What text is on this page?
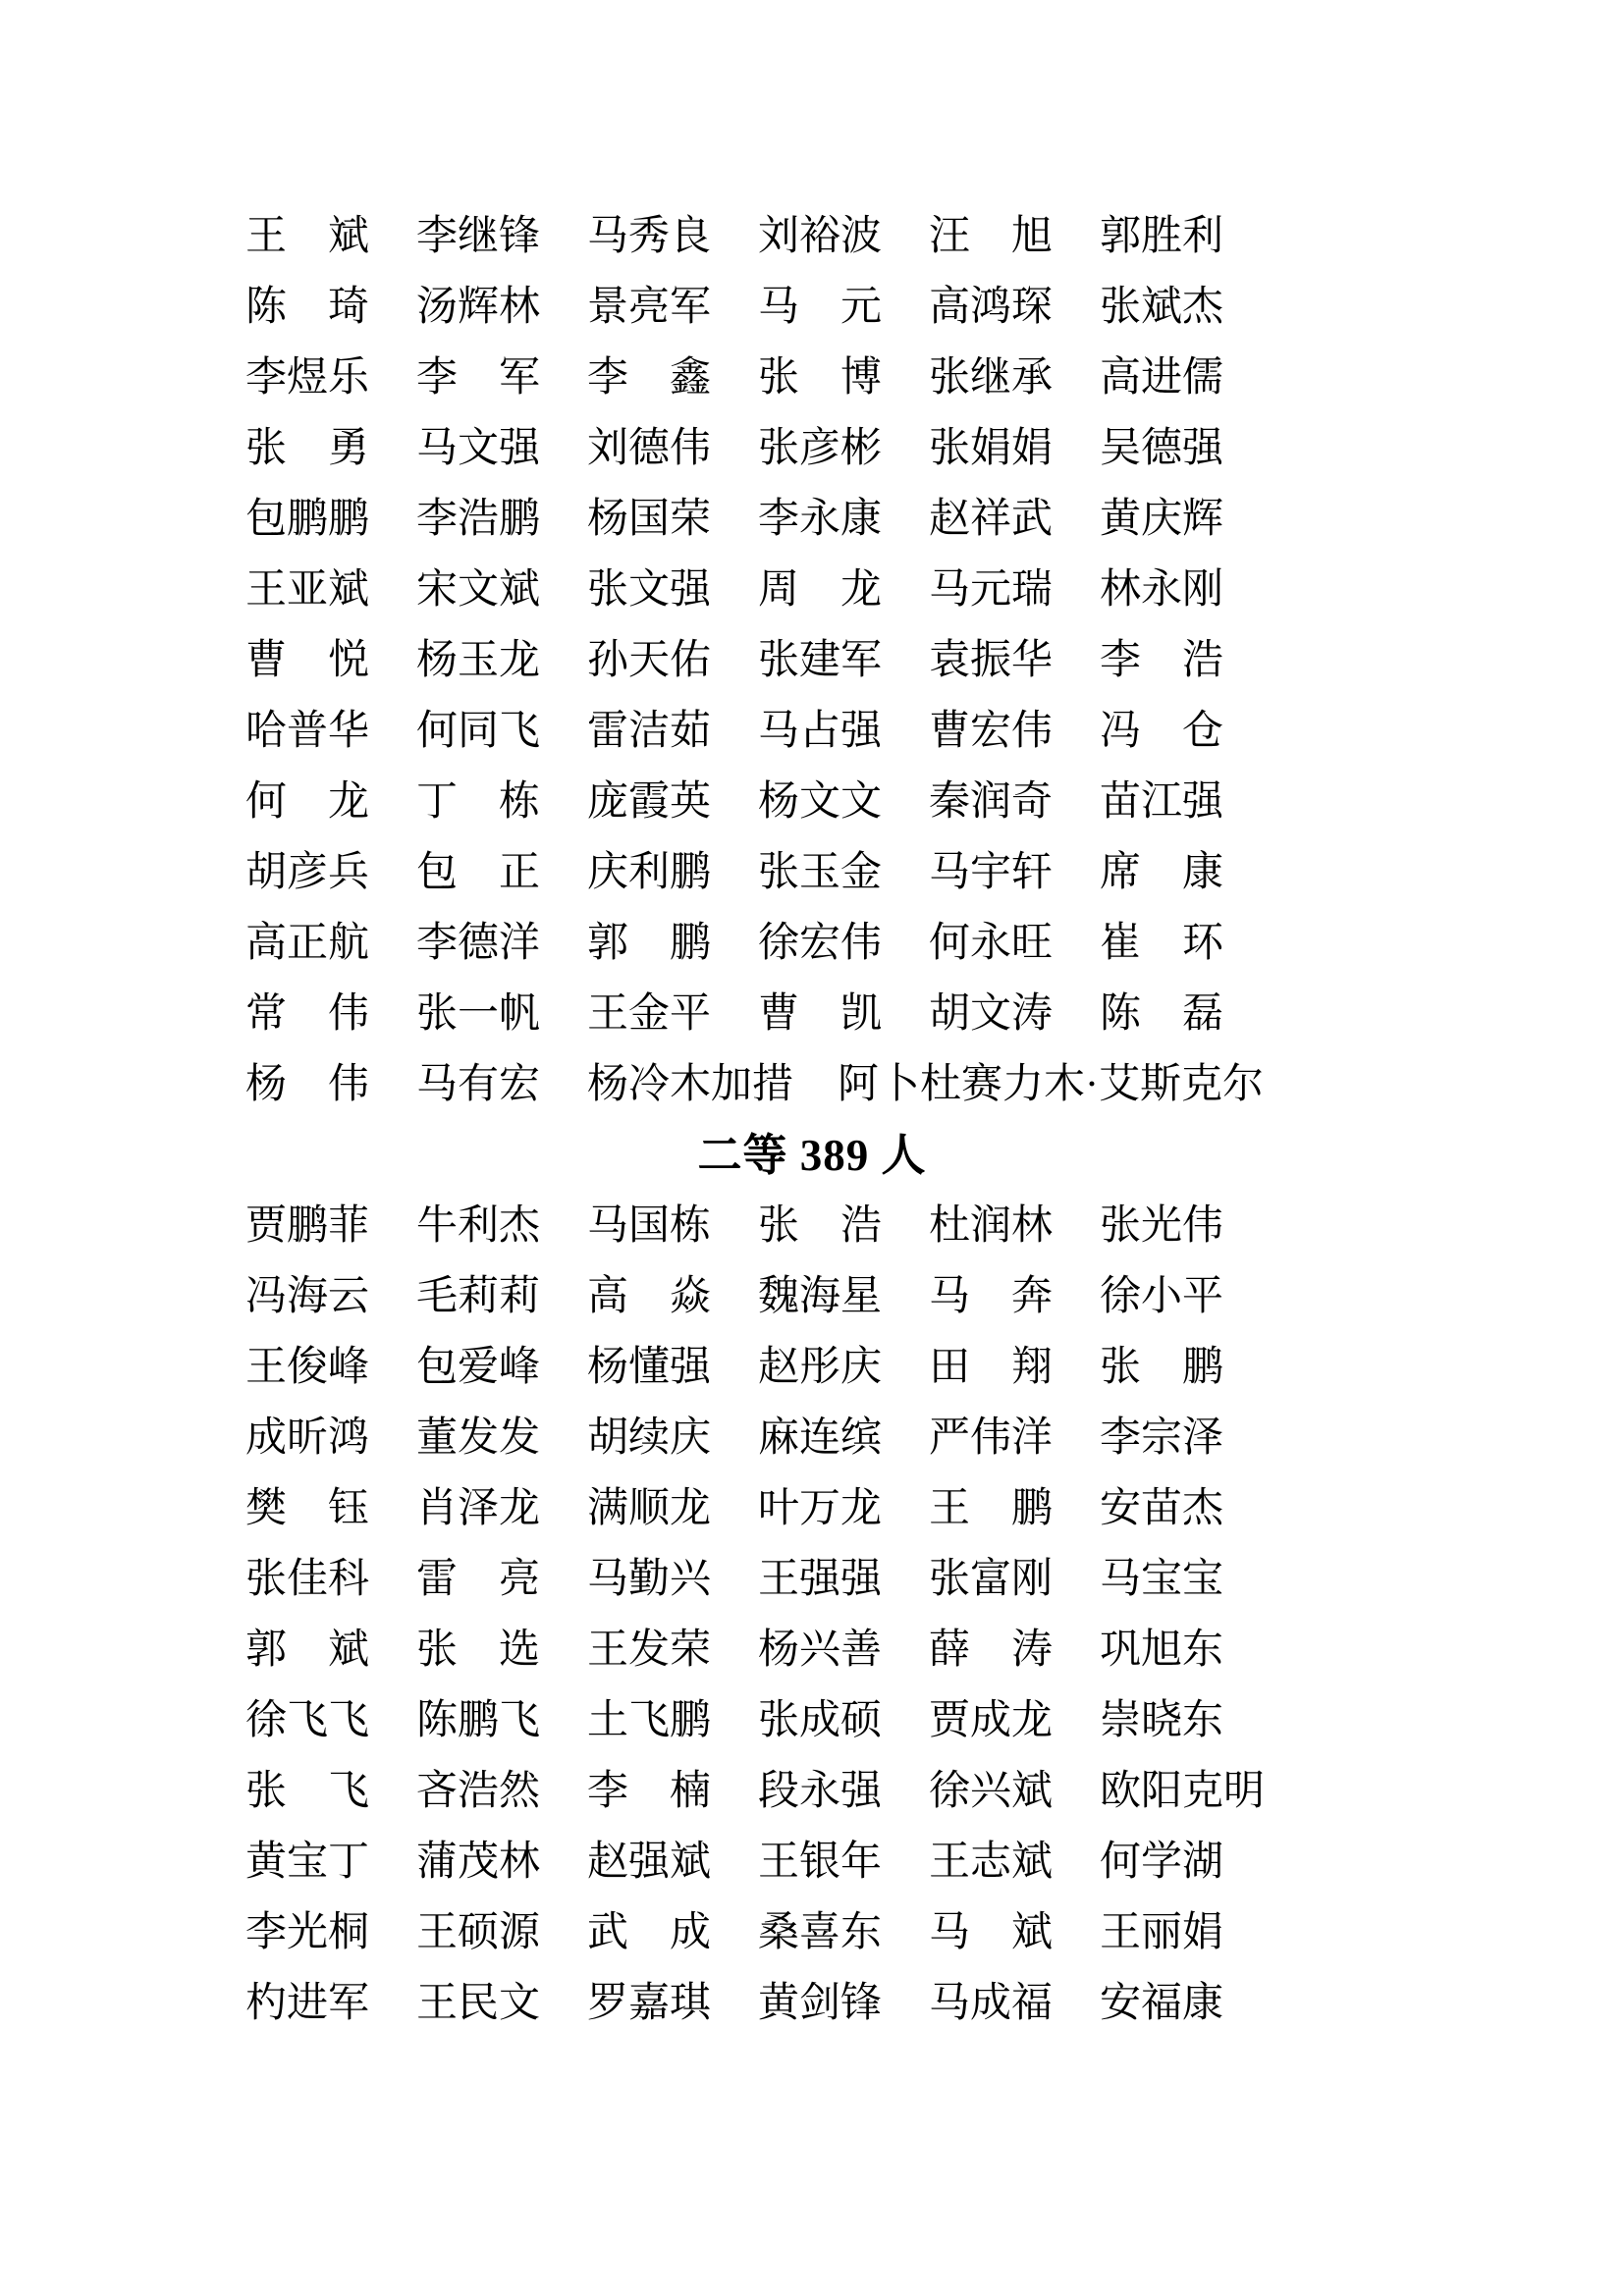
王　斌 李继锋 马秀良 刘裕波 汪　旭 郭胜利
陈　琦 汤辉林 景亮军 马　元 高鸿琛 张斌杰
李煜乐 李　军 李　鑫 张　博 张继承 高进儒
张　勇 马文强 刘德伟 张彦彬 张娟娟 吴德强
包鹏鹏 李浩鹏 杨国荣 李永康 赵祥武 黄庆辉
王亚斌 宋文斌 张文强 周　龙 马元瑞 林永刚
曹　悦 杨玉龙 孙天佑 张建军 袁振华 李　浩
哈普华 何同飞 雷洁茹 马占强 曹宏伟 冯　仓
何　龙 丁　栋 庞霞英 杨文文 秦润奇 苗江强
胡彦兵 包　正 庆利鹏 张玉金 马宇轩 席　康
高正航 李德洋 郭　鹏 徐宏伟 何永旺 崔　环
常　伟 张一帆 王金平 曹　凯 胡文涛 陈　磊
杨　伟 马有宏 杨冷木加措 阿卜杜赛力木·艾斯克尔
二等 389 人
贾鹏菲 牛利杰 马国栋 张　浩 杜润林 张光伟
冯海云 毛莉莉 高　焱 魏海星 马　奔 徐小平
王俊峰 包爱峰 杨懂强 赵彤庆 田　翔 张　鹏
成昕鸿 董发发 胡续庆 麻连缤 严伟洋 李宗泽
樊　钰 肖泽龙 满顺龙 叶万龙 王　鹏 安苗杰
张佳科 雷　亮 马勤兴 王强强 张富刚 马宝宝
郭　斌 张　选 王发荣 杨兴善 薛　涛 巩旭东
徐飞飞 陈鹏飞 土飞鹏 张成硕 贾成龙 崇晓东
张　飞 吝浩然 李　楠 段永强 徐兴斌 欧阳克明
黄宝丁 蒲茂林 赵强斌 王银年 王志斌 何学湖
李光桐 王硕源 武　成 桑喜东 马　斌 王丽娟
杓进军 王民文 罗嘉琪 黄剑锋 马成福 安福康
